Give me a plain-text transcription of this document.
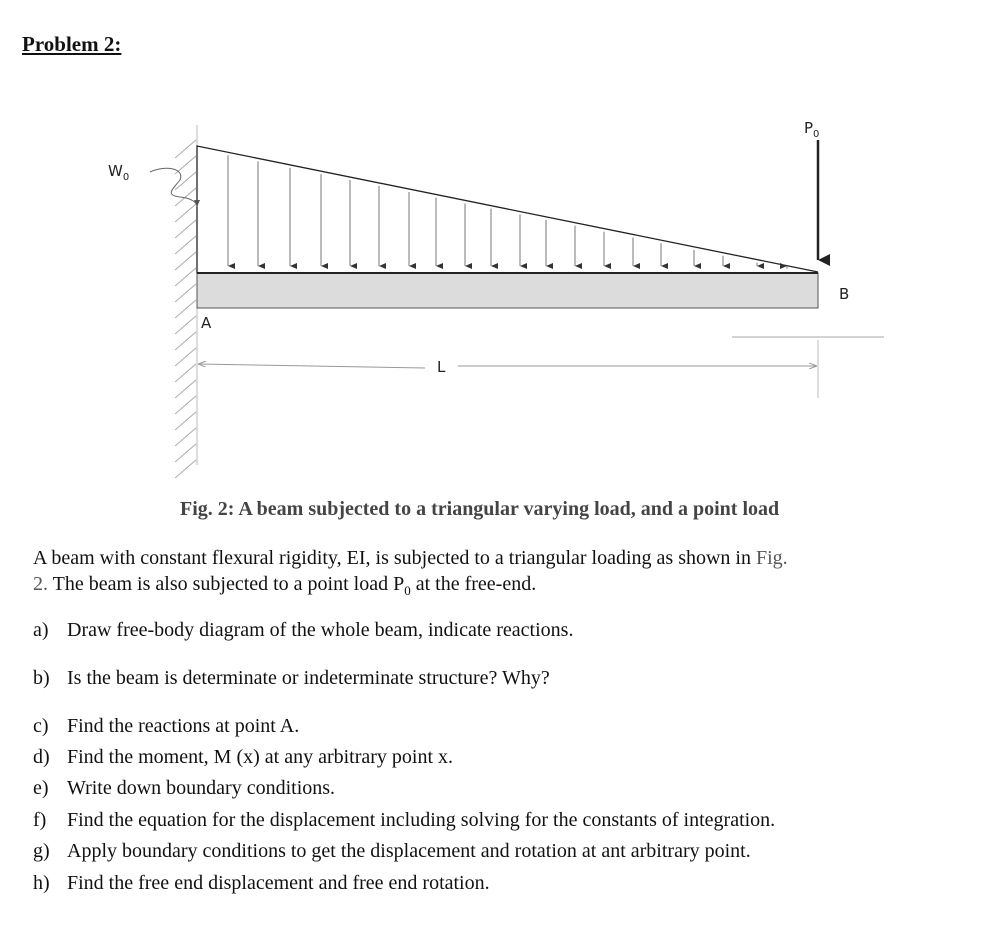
Problem 2:
$W_0$
$P_0$
B
A
L
Fig. 2: A beam subjected to a triangular varying load, and a point load
A beam with constant flexural rigidity, EI, is subjected to a triangular loading as shown in Fig.
2. The beam is also subjected to a point load $P_0$ at the free-end.
a) Draw free-body diagram of the whole beam, indicate reactions.
b) Is the beam is determinate or indeterminate structure? Why?
c) Find the reactions at point A.
d) Find the moment, M (x) at any arbitrary point x.
e) Write down boundary conditions.
f) Find the equation for the displacement including solving for the constants of integration.
g) Apply boundary conditions to get the displacement and rotation at ant arbitrary point.
h) Find the free end displacement and free end rotation.
